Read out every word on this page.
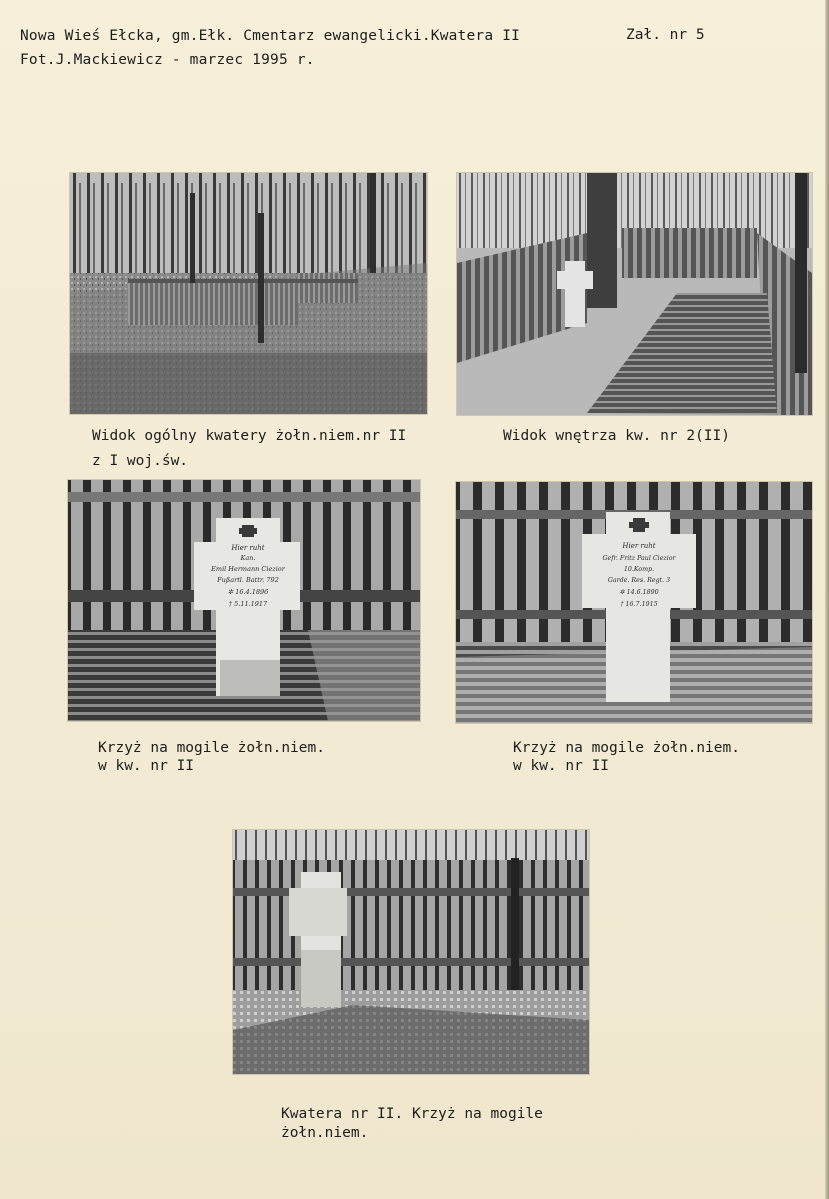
Nowa Wieś Ełcka, gm.Ełk. Cmentarz ewangelicki.Kwatera II	Zał. nr 5
Fot.J.Mackiewicz - marzec 1995 r.
Widok ogólny kwatery żołn.niem.nr II
z I woj.św.
Widok wnętrza kw. nr 2(II)
Hier ruht
Kan.
Emil Hermann Ciezior
Fußartl. Battr. 792
✲ 16.4.1896
† 5.11.1917
Hier ruht
Gefr. Fritz Paul Ciezior
10.Komp.
Garde. Res. Regt. 3
✲ 14.6.1890
† 16.7.1915
Krzyż na mogile żołn.niem.
w kw. nr II
Krzyż na mogile żołn.niem.
w kw. nr II
Kwatera nr II. Krzyż na mogile
żołn.niem.
